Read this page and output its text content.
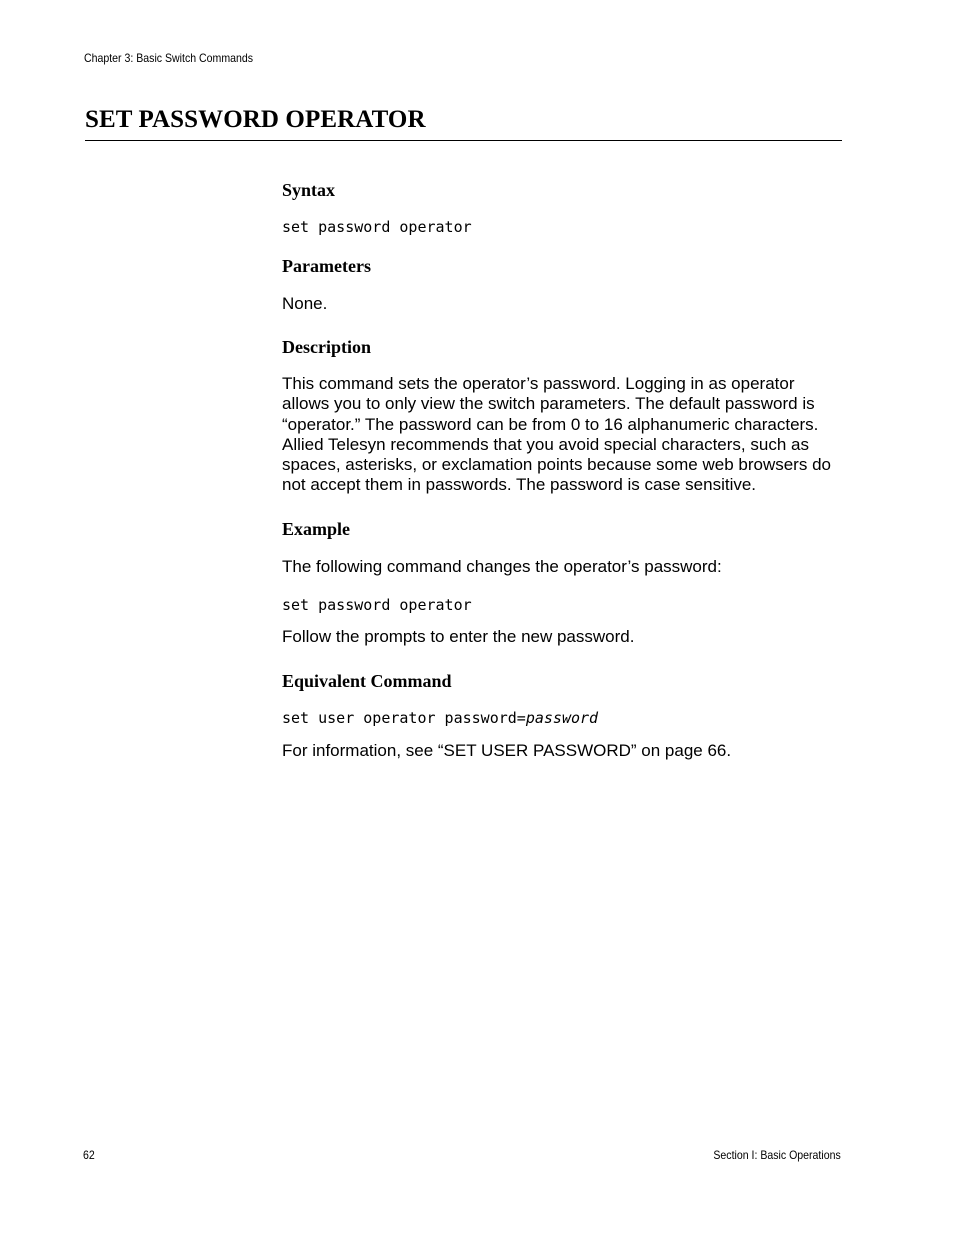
Chapter 3: Basic Switch Commands
SET PASSWORD OPERATOR
Syntax

set password operator

Parameters

None.

Description
This command sets the operator’s password. Logging in as operator
allows you to only view the switch parameters. The default password is
“operator.” The password can be from 0 to 16 alphanumeric characters.
Allied Telesyn recommends that you avoid special characters, such as
spaces, asterisks, or exclamation points because some web browsers do
not accept them in passwords. The password is case sensitive.
Example

The following command changes the operator’s password:

set password operator

Follow the prompts to enter the new password.

Equivalent Command

set user operator password=password

For information, see “SET USER PASSWORD” on page 66.

62	Section I: Basic Operations
